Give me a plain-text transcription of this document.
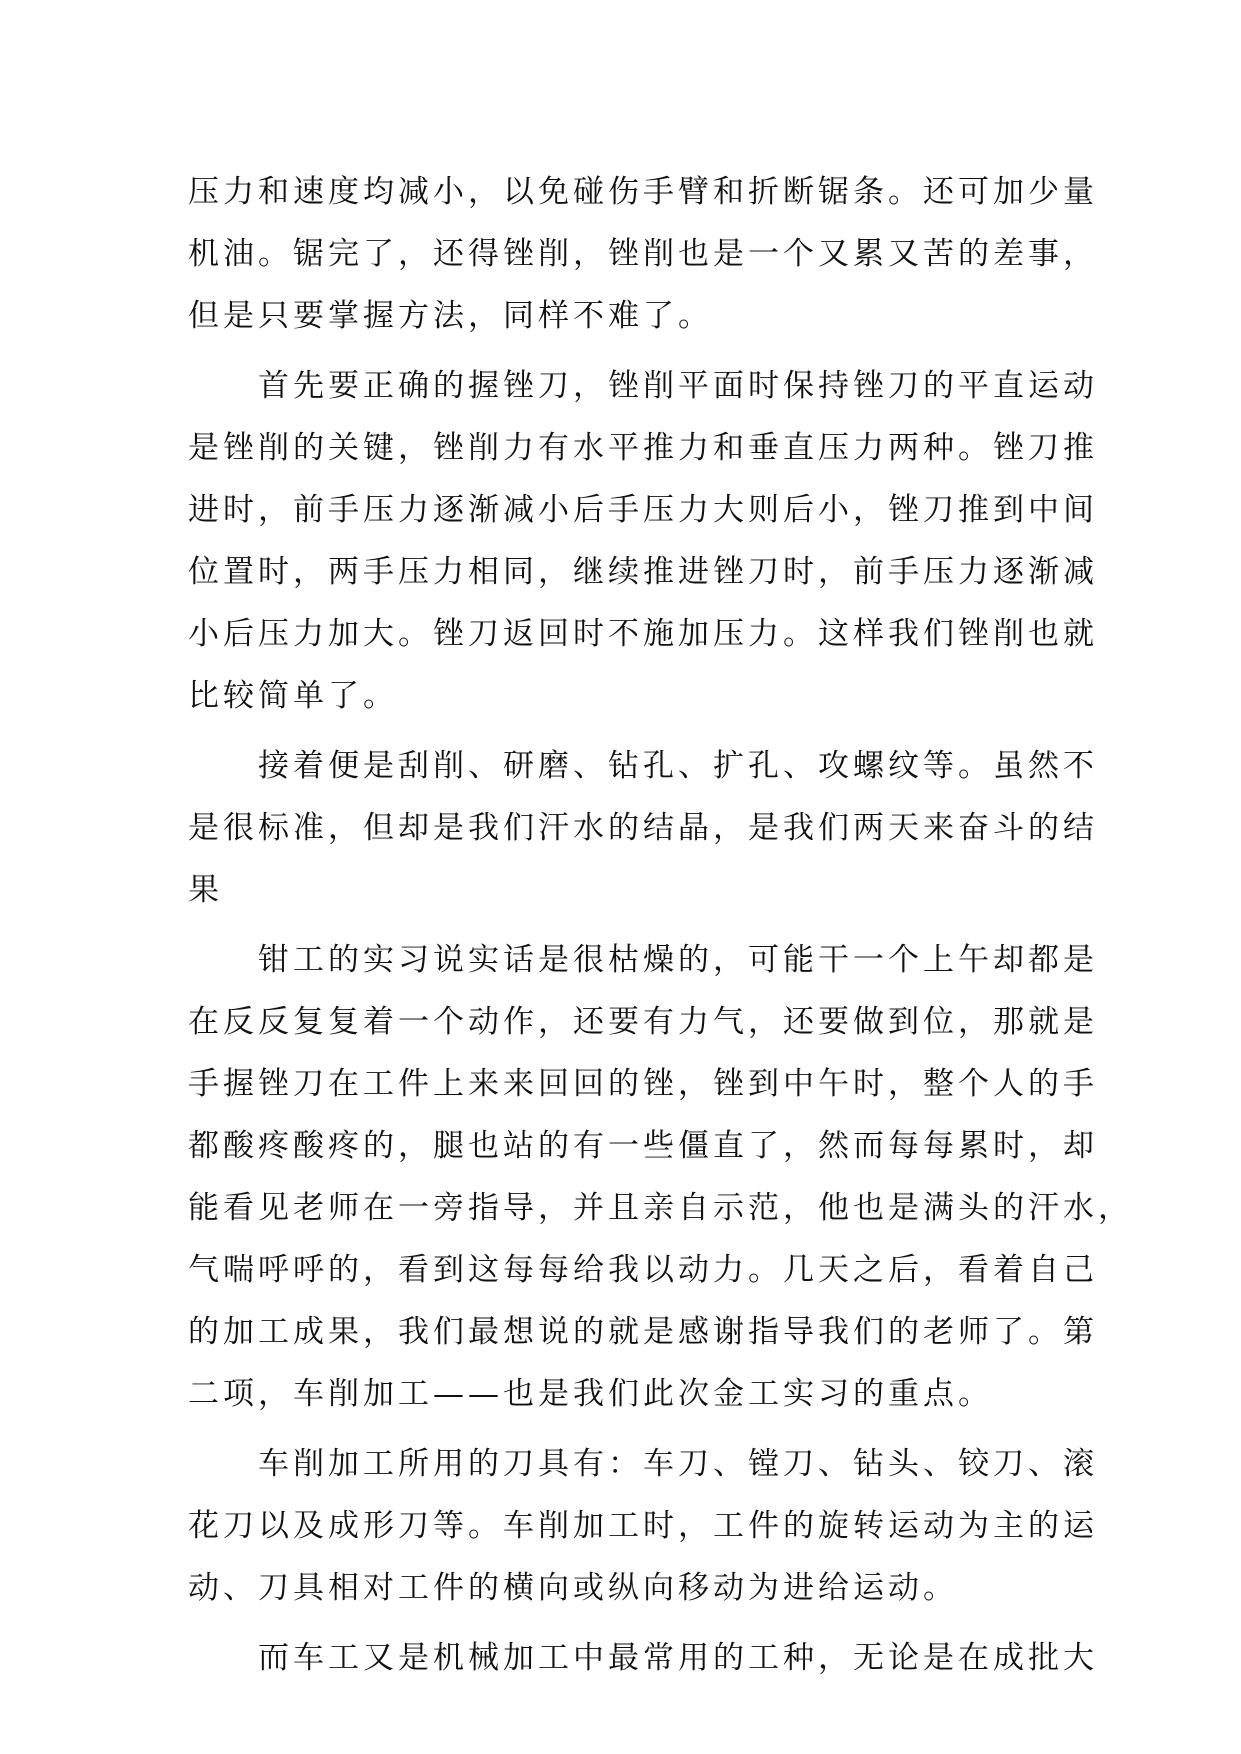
压力和速度均减小，以免碰伤手臂和折断锯条。还可加少量
机油。锯完了，还得锉削，锉削也是一个又累又苦的差事，
但是只要掌握方法，同样不难了。
　　首先要正确的握锉刀，锉削平面时保持锉刀的平直运动
是锉削的关键，锉削力有水平推力和垂直压力两种。锉刀推
进时，前手压力逐渐减小后手压力大则后小，锉刀推到中间
位置时，两手压力相同，继续推进锉刀时，前手压力逐渐减
小后压力加大。锉刀返回时不施加压力。这样我们锉削也就
比较简单了。
　　接着便是刮削、研磨、钻孔、扩孔、攻螺纹等。虽然不
是很标准，但却是我们汗水的结晶，是我们两天来奋斗的结
果
　　钳工的实习说实话是很枯燥的，可能干一个上午却都是
在反反复复着一个动作，还要有力气，还要做到位，那就是
手握锉刀在工件上来来回回的锉，锉到中午时，整个人的手
都酸疼酸疼的，腿也站的有一些僵直了，然而每每累时，却
能看见老师在一旁指导，并且亲自示范，他也是满头的汗水，
气喘呼呼的，看到这每每给我以动力。几天之后，看着自己
的加工成果，我们最想说的就是感谢指导我们的老师了。第
二项，车削加工——也是我们此次金工实习的重点。
　　车削加工所用的刀具有：车刀、镗刀、钻头、铰刀、滚
花刀以及成形刀等。车削加工时，工件的旋转运动为主的运
动、刀具相对工件的横向或纵向移动为进给运动。
　　而车工又是机械加工中最常用的工种，无论是在成批大
